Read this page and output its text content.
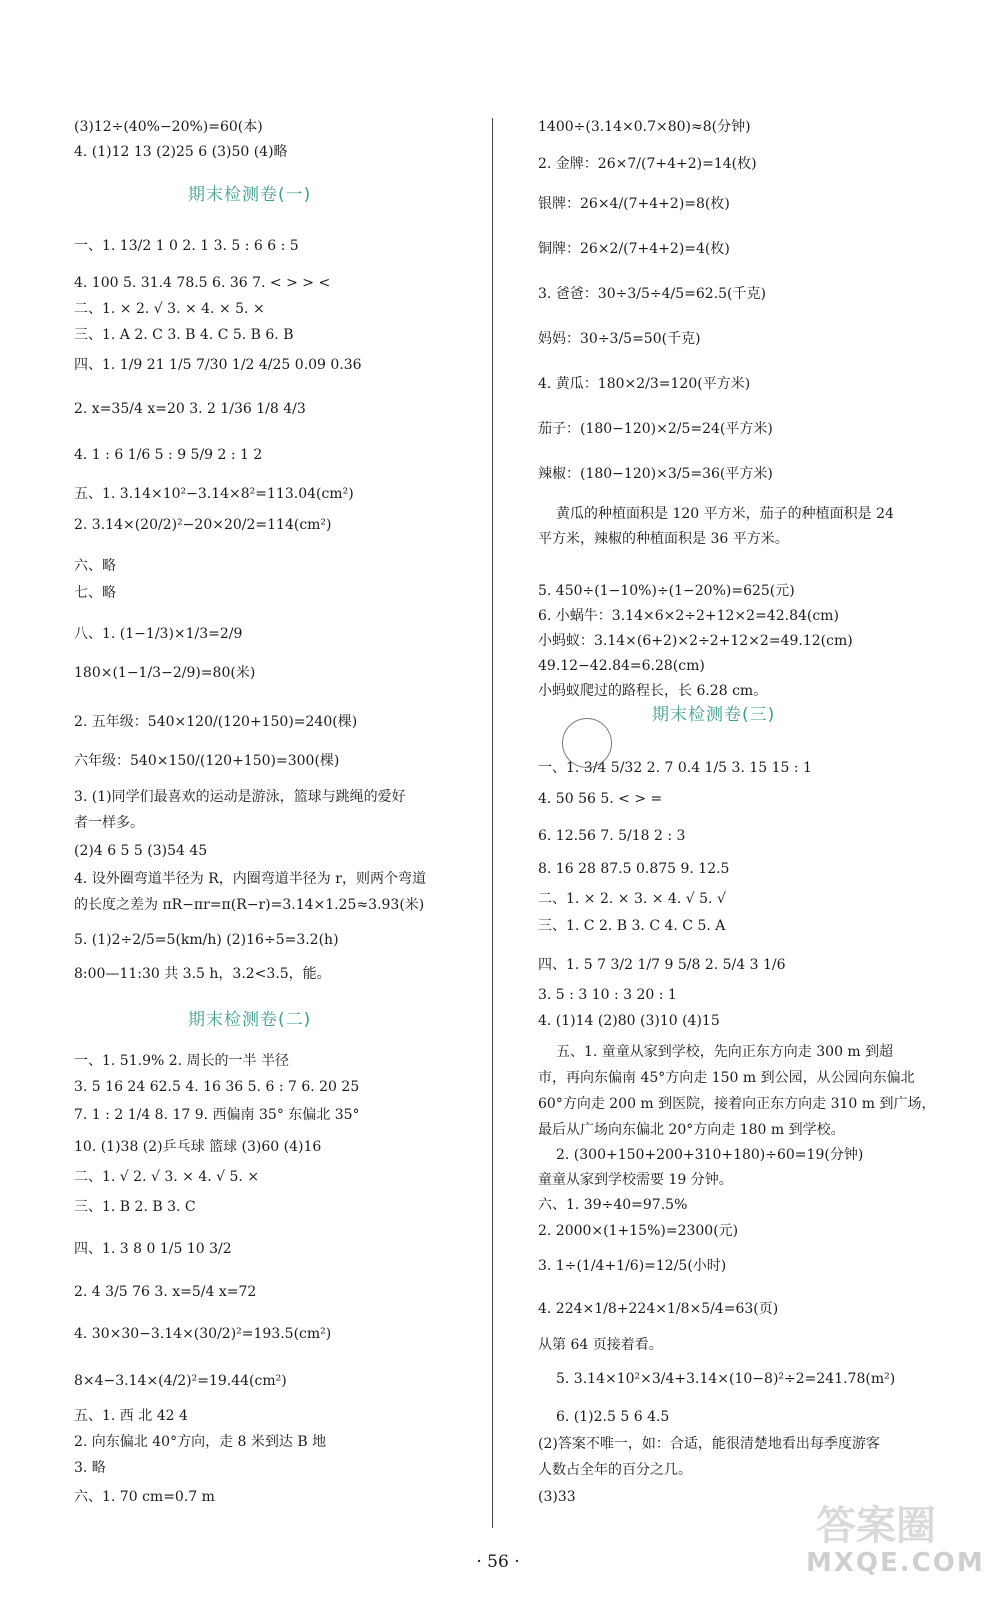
(3)12÷(40%−20%)=60(本)
4. (1)12 13 (2)25 6 (3)50 (4)略
期末检测卷(一)
一、1. 13/2 1 0 2. 1 3. 5 : 6 6 : 5
4. 100 5. 31.4 78.5 6. 36 7. < > > <
二、1. × 2. √ 3. × 4. × 5. ×
三、1. A 2. C 3. B 4. C 5. B 6. B
四、1. 1/9 21 1/5 7/30 1/2 4/25 0.09 0.36
2. x=35/4 x=20 3. 2 1/36 1/8 4/3
4. 1 : 6 1/6 5 : 9 5/9 2 : 1 2
五、1. 3.14×10²−3.14×8²=113.04(cm²)
2. 3.14×(20/2)²−20×20/2=114(cm²)
六、略
七、略
八、1. (1−1/3)×1/3=2/9
180×(1−1/3−2/9)=80(米)
2. 五年级：540×120/(120+150)=240(棵)
六年级：540×150/(120+150)=300(棵)
3. (1)同学们最喜欢的运动是游泳，篮球与跳绳的爱好
者一样多。
(2)4 6 5 5 (3)54 45
4. 设外圈弯道半径为 R，内圈弯道半径为 r，则两个弯道
的长度之差为 πR−πr=π(R−r)=3.14×1.25≈3.93(米)
5. (1)2÷2/5=5(km/h) (2)16÷5=3.2(h)
8:00—11:30 共 3.5 h，3.2<3.5，能。
期末检测卷(二)
一、1. 51.9% 2. 周长的一半 半径
3. 5 16 24 62.5 4. 16 36 5. 6 : 7 6. 20 25
7. 1 : 2 1/4 8. 17 9. 西偏南 35° 东偏北 35°
10. (1)38 (2)乒乓球 篮球 (3)60 (4)16
二、1. √ 2. √ 3. × 4. √ 5. ×
三、1. B 2. B 3. C
四、1. 3 8 0 1/5 10 3/2
2. 4 3/5 76 3. x=5/4 x=72
4. 30×30−3.14×(30/2)²=193.5(cm²)
8×4−3.14×(4/2)²=19.44(cm²)
五、1. 西 北 42 4
2. 向东偏北 40°方向，走 8 米到达 B 地
3. 略
六、1. 70 cm=0.7 m
1400÷(3.14×0.7×80)≈8(分钟)
2. 金牌：26×7/(7+4+2)=14(枚)
银牌：26×4/(7+4+2)=8(枚)
铜牌：26×2/(7+4+2)=4(枚)
3. 爸爸：30÷3/5÷4/5=62.5(千克)
妈妈：30÷3/5=50(千克)
4. 黄瓜：180×2/3=120(平方米)
茄子：(180−120)×2/5=24(平方米)
辣椒：(180−120)×3/5=36(平方米)
黄瓜的种植面积是 120 平方米，茄子的种植面积是 24
平方米，辣椒的种植面积是 36 平方米。
5. 450÷(1−10%)÷(1−20%)=625(元)
6. 小蜗牛：3.14×6×2÷2+12×2=42.84(cm)
小蚂蚁：3.14×(6+2)×2÷2+12×2=49.12(cm)
49.12−42.84=6.28(cm)
小蚂蚁爬过的路程长，长 6.28 cm。
期末检测卷(三)
一、1. 3/4 5/32 2. 7 0.4 1/5 3. 15 15 : 1
4. 50 56 5. < > =
6. 12.56 7. 5/18 2 : 3
8. 16 28 87.5 0.875 9. 12.5
二、1. × 2. × 3. × 4. √ 5. √
三、1. C 2. B 3. C 4. C 5. A
四、1. 5 7 3/2 1/7 9 5/8 2. 5/4 3 1/6
3. 5 : 3 10 : 3 20 : 1
4. (1)14 (2)80 (3)10 (4)15
五、1. 童童从家到学校，先向正东方向走 300 m 到超
市，再向东偏南 45°方向走 150 m 到公园，从公园向东偏北
60°方向走 200 m 到医院，接着向正东方向走 310 m 到广场，
最后从广场向东偏北 20°方向走 180 m 到学校。
2. (300+150+200+310+180)÷60=19(分钟)
童童从家到学校需要 19 分钟。
六、1. 39÷40=97.5%
2. 2000×(1+15%)=2300(元)
3. 1÷(1/4+1/6)=12/5(小时)
4. 224×1/8+224×1/8×5/4=63(页)
从第 64 页接着看。
5. 3.14×10²×3/4+3.14×(10−8)²÷2=241.78(m²)
6. (1)2.5 5 6 4.5
(2)答案不唯一，如：合适，能很清楚地看出每季度游客
人数占全年的百分之几。
(3)33
· 56 ·
答案圈
MXQE.COM
